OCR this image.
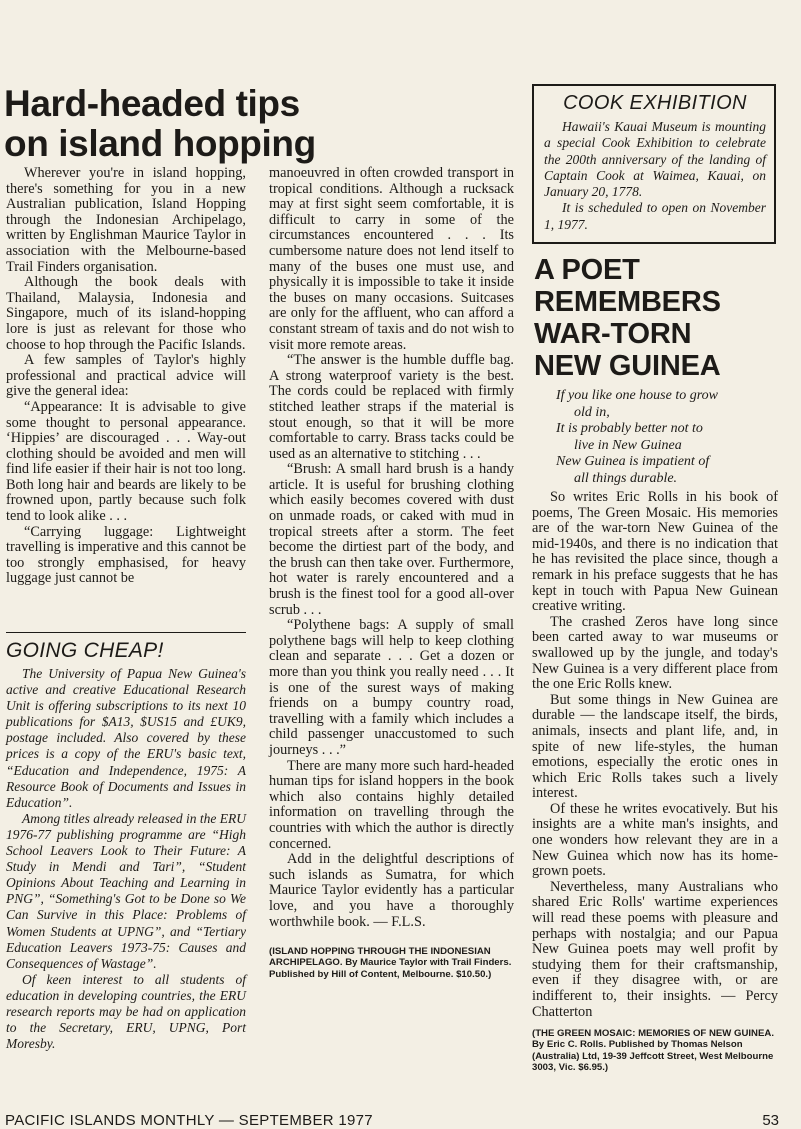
Hard-headed tips
on island hopping

Wherever you're in island hopping, there's something for you in a new Australian publication, Island Hopping through the Indonesian Archipelago, written by Englishman Maurice Taylor in association with the Melbourne-based Trail Finders organisation.

Although the book deals with Thailand, Malaysia, Indonesia and Singapore, much of its island-hopping lore is just as relevant for those who choose to hop through the Pacific Islands.

A few samples of Taylor's highly professional and practical advice will give the general idea:

“Appearance: It is advisable to give some thought to personal appearance. ‘Hippies’ are discouraged . . . Way-out clothing should be avoided and men will find life easier if their hair is not too long. Both long hair and beards are likely to be frowned upon, partly because such folk tend to look alike . . .

“Carrying luggage: Lightweight travelling is imperative and this cannot be too strongly emphasised, for heavy luggage just cannot be

GOING CHEAP!

The University of Papua New Guinea's active and creative Educational Research Unit is offering subscriptions to its next 10 publications for $A13, $US15 and £UK9, postage included. Also covered by these prices is a copy of the ERU's basic text, “Education and Independence, 1975: A Resource Book of Documents and Issues in Education”.

Among titles already released in the ERU 1976-77 publishing programme are “High School Leavers Look to Their Future: A Study in Mendi and Tari”, “Student Opinions About Teaching and Learning in PNG”, “Something's Got to be Done so We Can Survive in this Place: Problems of Women Students at UPNG”, and “Tertiary Education Leavers 1973-75: Causes and Consequences of Wastage”.

Of keen interest to all students of education in developing countries, the ERU research reports may be had on application to the Secretary, ERU, UPNG, Port Moresby.

manoeuvred in often crowded transport in tropical conditions. Although a rucksack may at first sight seem comfortable, it is difficult to carry in some of the circumstances encountered . . . Its cumbersome nature does not lend itself to many of the buses one must use, and physically it is impossible to take it inside the buses on many occasions. Suitcases are only for the affluent, who can afford a constant stream of taxis and do not wish to visit more remote areas.

“The answer is the humble duffle bag. A strong waterproof variety is the best. The cords could be replaced with firmly stitched leather straps if the material is stout enough, so that it will be more comfortable to carry. Brass tacks could be used as an alternative to stitching . . .

“Brush: A small hard brush is a handy article. It is useful for brushing clothing which easily becomes covered with dust on unmade roads, or caked with mud in tropical streets after a storm. The feet become the dirtiest part of the body, and the brush can then take over. Furthermore, hot water is rarely encountered and a brush is the finest tool for a good all-over scrub . . .

“Polythene bags: A supply of small polythene bags will help to keep clothing clean and separate . . . Get a dozen or more than you think you really need . . . It is one of the surest ways of making friends on a bumpy country road, travelling with a family which includes a child passenger unaccustomed to such journeys . . .”

There are many more such hard-headed human tips for island hoppers in the book which also contains highly detailed information on travelling through the countries with which the author is directly concerned.

Add in the delightful descriptions of such islands as Sumatra, for which Maurice Taylor evidently has a particular love, and you have a thoroughly worthwhile book. — F.L.S.

(ISLAND HOPPING THROUGH THE INDONESIAN ARCHIPELAGO. By Maurice Taylor with Trail Finders. Published by Hill of Content, Melbourne. $10.50.)

COOK EXHIBITION

Hawaii's Kauai Museum is mounting a special Cook Exhibition to celebrate the 200th anniversary of the landing of Captain Cook at Waimea, Kauai, on January 20, 1778.

It is scheduled to open on November 1, 1977.

A POET
REMEMBERS
WAR-TORN
NEW GUINEA
If you like one house to grow
old in,
It is probably better not to
live in New Guinea
New Guinea is impatient of
all things durable.

So writes Eric Rolls in his book of poems, The Green Mosaic. His memories are of the war-torn New Guinea of the mid-1940s, and there is no indication that he has revisited the place since, though a remark in his preface suggests that he has kept in touch with Papua New Guinean creative writing.

The crashed Zeros have long since been carted away to war museums or swallowed up by the jungle, and today's New Guinea is a very different place from the one Eric Rolls knew.

But some things in New Guinea are durable — the landscape itself, the birds, animals, insects and plant life, and, in spite of new life-styles, the human emotions, especially the erotic ones in which Eric Rolls takes such a lively interest.

Of these he writes evocatively. But his insights are a white man's insights, and one wonders how relevant they are in a New Guinea which now has its home-grown poets.

Nevertheless, many Australians who shared Eric Rolls' wartime experiences will read these poems with pleasure and perhaps with nostalgia; and our Papua New Guinea poets may well profit by studying them for their craftsmanship, even if they disagree with, or are indifferent to, their insights. — Percy Chatterton

(THE GREEN MOSAIC: MEMORIES OF NEW GUINEA. By Eric C. Rolls. Published by Thomas Nelson (Australia) Ltd, 19-39 Jeffcott Street, West Melbourne 3003, Vic. $6.95.)

PACIFIC ISLANDS MONTHLY — SEPTEMBER 1977	53
